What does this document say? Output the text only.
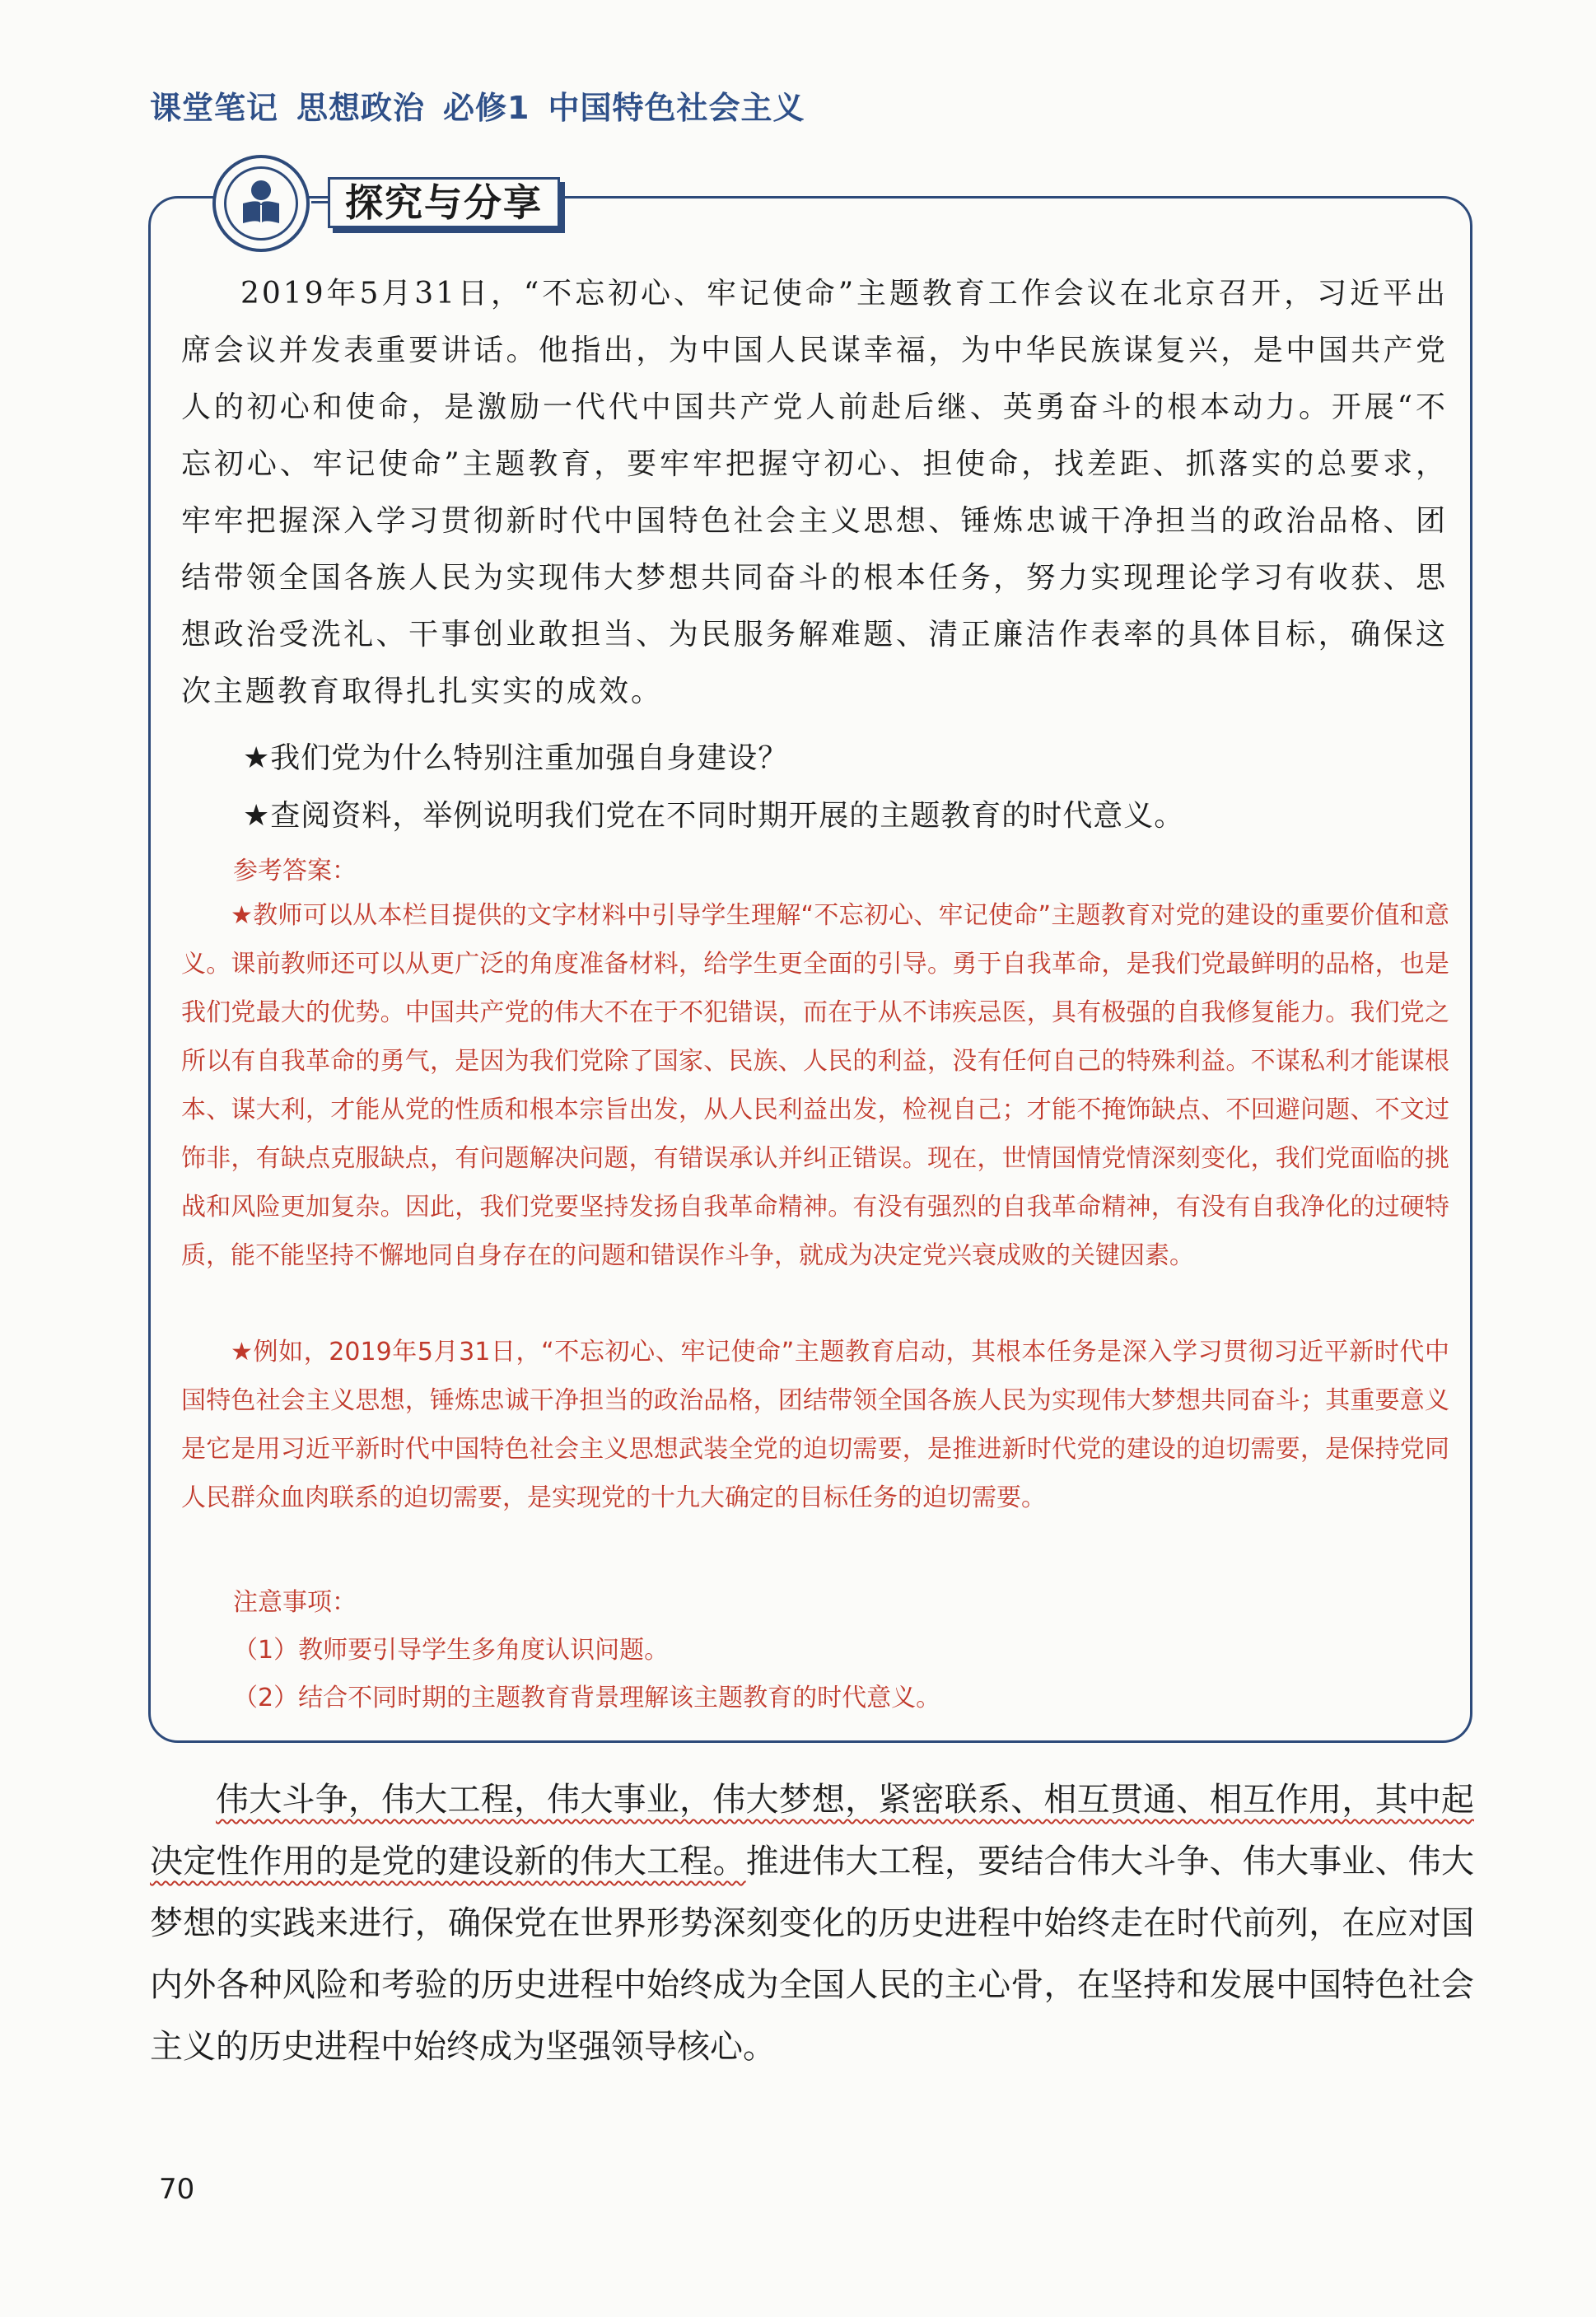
课堂笔记 思想政治 必修1 中国特色社会主义
探究与分享

2019年5月31日，“不忘初心、牢记使命”主题教育工作会议在北京召开，习近平出席会议并发表重要讲话。他指出，为中国人民谋幸福，为中华民族谋复兴，是中国共产党人的初心和使命，是激励一代代中国共产党人前赴后继、英勇奋斗的根本动力。开展“不忘初心、牢记使命”主题教育，要牢牢把握守初心、担使命，找差距、抓落实的总要求，牢牢把握深入学习贯彻新时代中国特色社会主义思想、锤炼忠诚干净担当的政治品格、团结带领全国各族人民为实现伟大梦想共同奋斗的根本任务，努力实现理论学习有收获、思想政治受洗礼、干事创业敢担当、为民服务解难题、清正廉洁作表率的具体目标，确保这次主题教育取得扎扎实实的成效。

★我们党为什么特别注重加强自身建设？
★查阅资料，举例说明我们党在不同时期开展的主题教育的时代意义。
参考答案：

★教师可以从本栏目提供的文字材料中引导学生理解“不忘初心、牢记使命”主题教育对党的建设的重要价值和意义。课前教师还可以从更广泛的角度准备材料，给学生更全面的引导。勇于自我革命，是我们党最鲜明的品格，也是我们党最大的优势。中国共产党的伟大不在于不犯错误，而在于从不讳疾忌医，具有极强的自我修复能力。我们党之所以有自我革命的勇气，是因为我们党除了国家、民族、人民的利益，没有任何自己的特殊利益。不谋私利才能谋根本、谋大利，才能从党的性质和根本宗旨出发，从人民利益出发，检视自己；才能不掩饰缺点、不回避问题、不文过饰非，有缺点克服缺点，有问题解决问题，有错误承认并纠正错误。现在，世情国情党情深刻变化，我们党面临的挑战和风险更加复杂。因此，我们党要坚持发扬自我革命精神。有没有强烈的自我革命精神，有没有自我净化的过硬特质，能不能坚持不懈地同自身存在的问题和错误作斗争，就成为决定党兴衰成败的关键因素。

★例如，2019年5月31日，“不忘初心、牢记使命”主题教育启动，其根本任务是深入学习贯彻习近平新时代中国特色社会主义思想，锤炼忠诚干净担当的政治品格，团结带领全国各族人民为实现伟大梦想共同奋斗；其重要意义是它是用习近平新时代中国特色社会主义思想武装全党的迫切需要，是推进新时代党的建设的迫切需要，是保持党同人民群众血肉联系的迫切需要，是实现党的十九大确定的目标任务的迫切需要。

注意事项：
（1）教师要引导学生多角度认识问题。
（2）结合不同时期的主题教育背景理解该主题教育的时代意义。

伟大斗争，伟大工程，伟大事业，伟大梦想，紧密联系、相互贯通、相互作用，其中起决定性作用的是党的建设新的伟大工程。推进伟大工程，要结合伟大斗争、伟大事业、伟大梦想的实践来进行，确保党在世界形势深刻变化的历史进程中始终走在时代前列，在应对国内外各种风险和考验的历史进程中始终成为全国人民的主心骨，在坚持和发展中国特色社会主义的历史进程中始终成为坚强领导核心。

70
